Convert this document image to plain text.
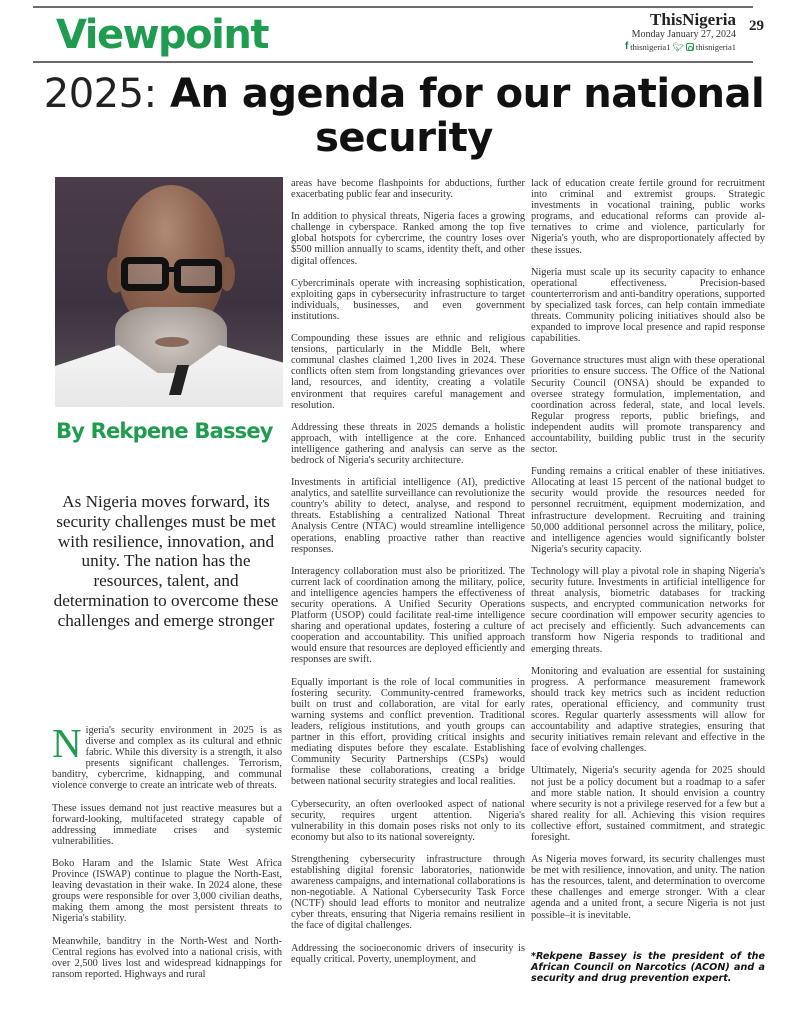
Viewpoint	ThisNigeria
Monday January 27, 2024
f thisnigeria1 🐦︎ thisnigeria1
29
2025: An agenda for our national security
By Rekpene Bassey
As Nigeria moves forward, its security challenges must be met with resilience, innovation, and unity. The nation has the resources, talent, and determination to overcome these challenges and emerge stronger

Nigeria's security environment in 2025 is as diverse and complex as its cultural and ethnic fabric. While this diversity is a strength, it also presents significant challenges. Terrorism, banditry, cybercrime, kidnapping, and communal violence converge to create an intricate web of threats.

These issues demand not just reactive measures but a forward-looking, multifaceted strategy capable of addressing immediate crises and systemic vulnerabilities.

Boko Haram and the Islamic State West Africa Province (ISWAP) continue to plague the North-East, leaving devastation in their wake. In 2024 alone, these groups were responsible for over 3,000 civilian deaths, making them among the most persistent threats to Nigeria's stability.

Meanwhile, banditry in the North-West and North-Central regions has evolved into a national crisis, with over 2,500 lives lost and widespread kidnappings for ransom reported. Highways and rural

areas have become flashpoints for abductions, further exacerbating public fear and insecurity.

In addition to physical threats, Nigeria faces a growing challenge in cyberspace. Ranked among the top five global hotspots for cybercrime, the country loses over $500 million annually to scams, identity theft, and other digital offences.

Cybercriminals operate with increasing sophistication, exploiting gaps in cybersecurity infrastructure to target individuals, businesses, and even government institutions.

Compounding these issues are ethnic and religious tensions, particularly in the Middle Belt, where communal clashes claimed 1,200 lives in 2024. These conflicts often stem from longstanding grievances over land, resources, and identity, creating a volatile environment that requires careful management and resolution.

Addressing these threats in 2025 demands a holistic approach, with intelligence at the core. Enhanced intelligence gathering and analysis can serve as the bedrock of Nigeria's security architecture.

Investments in artificial intelligence (AI), predictive analytics, and satellite surveillance can revolutionize the country's ability to detect, analyse, and respond to threats. Establishing a centralized National Threat Analysis Centre (NTAC) would streamline intelligence operations, enabling proactive rather than reactive responses.

Interagency collaboration must also be prioritized. The current lack of coordination among the military, police, and intelligence agencies hampers the effectiveness of security operations. A Unified Security Operations Platform (USOP) could facilitate real-time intelligence sharing and operational updates, fostering a culture of cooperation and accountability. This unified approach would ensure that resources are deployed efficiently and responses are swift.

Equally important is the role of local communities in fostering security. Community-centred frameworks, built on trust and collaboration, are vital for early warning systems and conflict prevention. Traditional leaders, religious institutions, and youth groups can partner in this effort, providing critical insights and mediating disputes before they escalate. Establishing Community Security Partnerships (CSPs) would formalise these collaborations, creating a bridge between national security strategies and local realities.

Cybersecurity, an often overlooked aspect of national security, requires urgent attention. Nigeria's vulnerability in this domain poses risks not only to its economy but also to its national sovereignty.

Strengthening cybersecurity infrastructure through establishing digital forensic laboratories, nationwide awareness campaigns, and international collaborations is non-negotiable. A National Cybersecurity Task Force (NCTF) should lead efforts to monitor and neutralize cyber threats, ensuring that Nigeria remains resilient in the face of digital challenges.

Addressing the socioeconomic drivers of insecurity is equally critical. Poverty, unemployment, and

lack of education create fertile ground for recruitment into criminal and extremist groups. Strategic investments in vocational training, public works programs, and educational reforms can provide alternatives to crime and violence, particularly for Nigeria's youth, who are disproportionately affected by these issues.

Nigeria must scale up its security capacity to enhance operational effectiveness. Precision-based counterterrorism and anti-banditry operations, supported by specialized task forces, can help contain immediate threats. Community policing initiatives should also be expanded to improve local presence and rapid response capabilities.

Governance structures must align with these operational priorities to ensure success. The Office of the National Security Council (ONSA) should be expanded to oversee strategy formulation, implementation, and coordination across federal, state, and local levels. Regular progress reports, public briefings, and independent audits will promote transparency and accountability, building public trust in the security sector.

Funding remains a critical enabler of these initiatives. Allocating at least 15 percent of the national budget to security would provide the resources needed for personnel recruitment, equipment modernization, and infrastructure development. Recruiting and training 50,000 additional personnel across the military, police, and intelligence agencies would significantly bolster Nigeria's security capacity.

Technology will play a pivotal role in shaping Nigeria's security future. Investments in artificial intelligence for threat analysis, biometric databases for tracking suspects, and encrypted communication networks for secure coordination will empower security agencies to act precisely and efficiently. Such advancements can transform how Nigeria responds to traditional and emerging threats.

Monitoring and evaluation are essential for sustaining progress. A performance measurement framework should track key metrics such as incident reduction rates, operational efficiency, and community trust scores. Regular quarterly assessments will allow for accountability and adaptive strategies, ensuring that security initiatives remain relevant and effective in the face of evolving challenges.

Ultimately, Nigeria's security agenda for 2025 should not just be a policy document but a roadmap to a safer and more stable nation. It should envision a country where security is not a privilege reserved for a few but a shared reality for all. Achieving this vision requires collective effort, sustained commitment, and strategic foresight.

As Nigeria moves forward, its security challenges must be met with resilience, innovation, and unity. The nation has the resources, talent, and determination to overcome these challenges and emerge stronger. With a clear agenda and a united front, a secure Nigeria is not just possible–it is inevitable.

*Rekpene Bassey is the president of the African Council on Narcotics (ACON) and a security and drug prevention expert.
